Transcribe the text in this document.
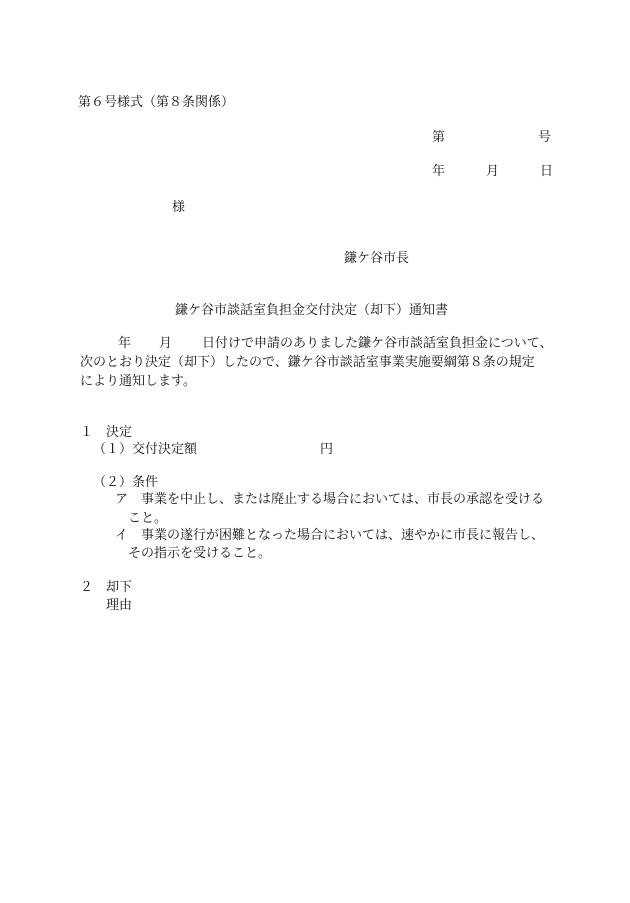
第６号様式（第８条関係）
第	号
年	月	日
様
鎌ケ谷市長
鎌ケ谷市談話室負担金交付決定（却下）通知書
年 月 日付けで申請のありました鎌ケ谷市談話室負担金について、
次のとおり決定（却下）したので、鎌ケ谷市談話室事業実施要綱第８条の規定
により通知します。
１　決定
（１）交付決定額	円
（２）条件
ア　事業を中止し、または廃止する場合においては、市長の承認を受ける
こと。
イ　事業の遂行が困難となった場合においては、速やかに市長に報告し、
その指示を受けること。
２　却下
理由
